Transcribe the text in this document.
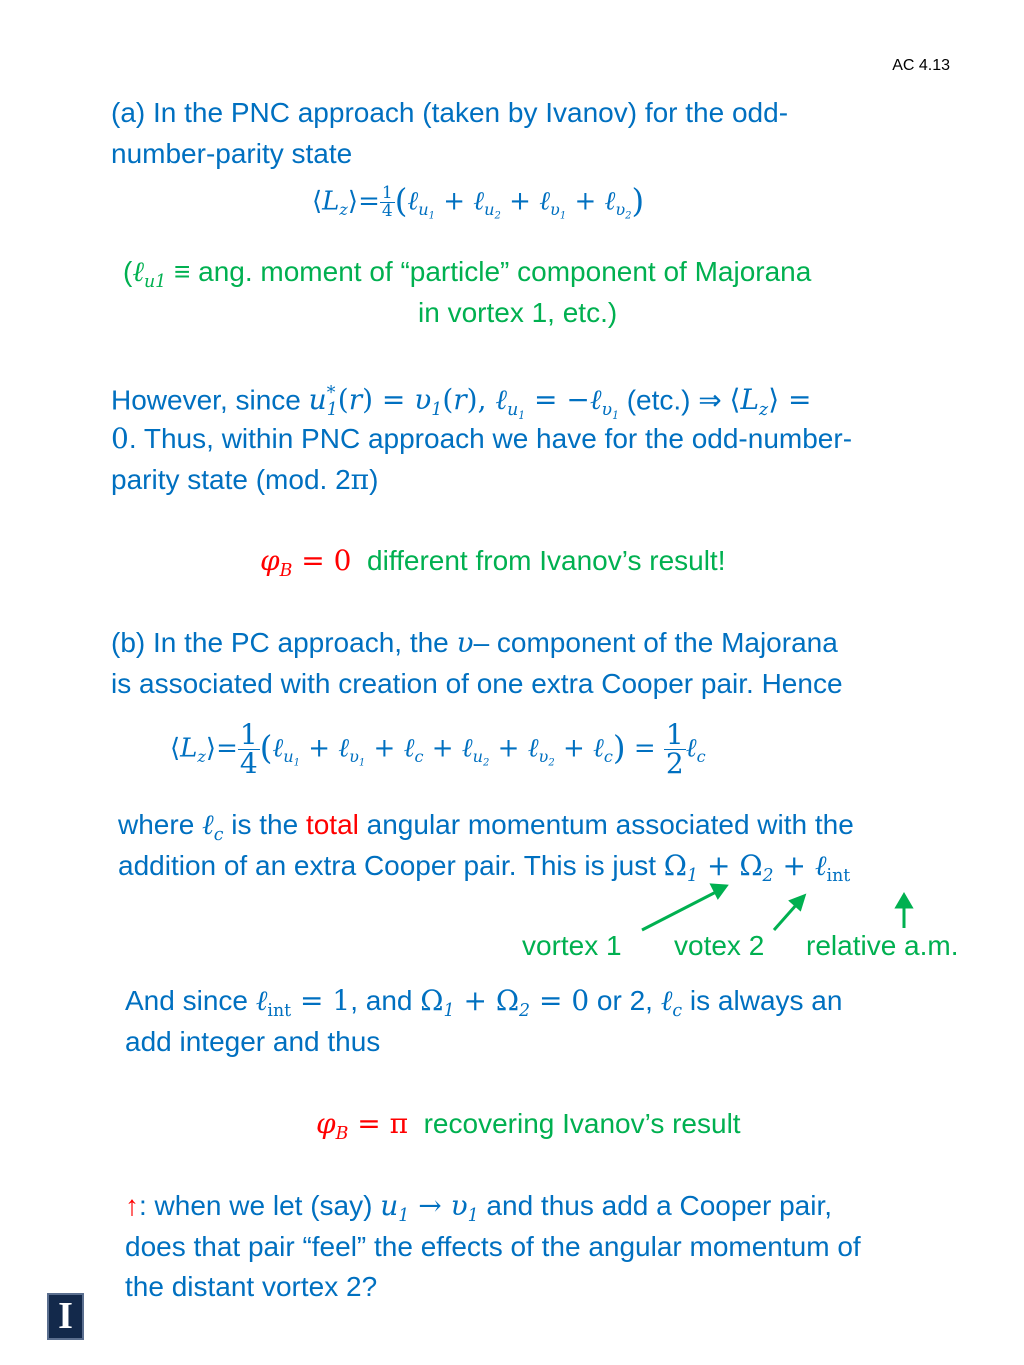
AC 4.13
(a) In the PNC approach (taken by Ivanov) for the odd-
number-parity state
$⟨L_z⟩= \frac{1}{4}$ (ℓ$_{u_1}$ + ℓ$_{u_2}$ + ℓ$_{\upsilon_1}$ + ℓ$_{\upsilon_2}$)
(ℓ$_{u1}$ ≡ ang. moment of “particle” component of Majorana
in vortex 1, etc.)
However, since $u^*_1(r) = \upsilon_1(r)$, ℓ$_{u_1}$ = −ℓ$_{\upsilon_1}$ (etc.) ⇒ $⟨L_z⟩$ =
0. Thus, within PNC approach we have for the odd-number-
parity state (mod. 2π)
$\varphi_B = 0$ different from Ivanov’s result!
(b) In the PC approach, the υ– component of the Majorana
is associated with creation of one extra Cooper pair. Hence
$⟨L_z⟩= \frac{1}{4}$ (ℓ$_{u_1}$ + ℓ$_{\upsilon_1}$ + ℓ$_c$ + ℓ$_{u_2}$ + ℓ$_{\upsilon_2}$ + ℓ$_c$) = $\frac{1}{2}$ ℓ$_c$
where ℓ$_c$ is the total angular momentum associated with the
addition of an extra Cooper pair. This is just $\Omega_1 + \Omega_2$ + ℓ$_{int}$
vortex 1 votex 2 relative a.m.
And since ℓ$_{int}$ = 1, and $\Omega_1 + \Omega_2 = 0$ or 2, ℓ$_c$ is always an
add integer and thus
$\varphi_B = \pi$ recovering Ivanov’s result
↑: when we let (say) $u_1 \to \upsilon_1$ and thus add a Cooper pair,
does that pair “feel” the effects of the angular momentum of
the distant vortex 2?
I
